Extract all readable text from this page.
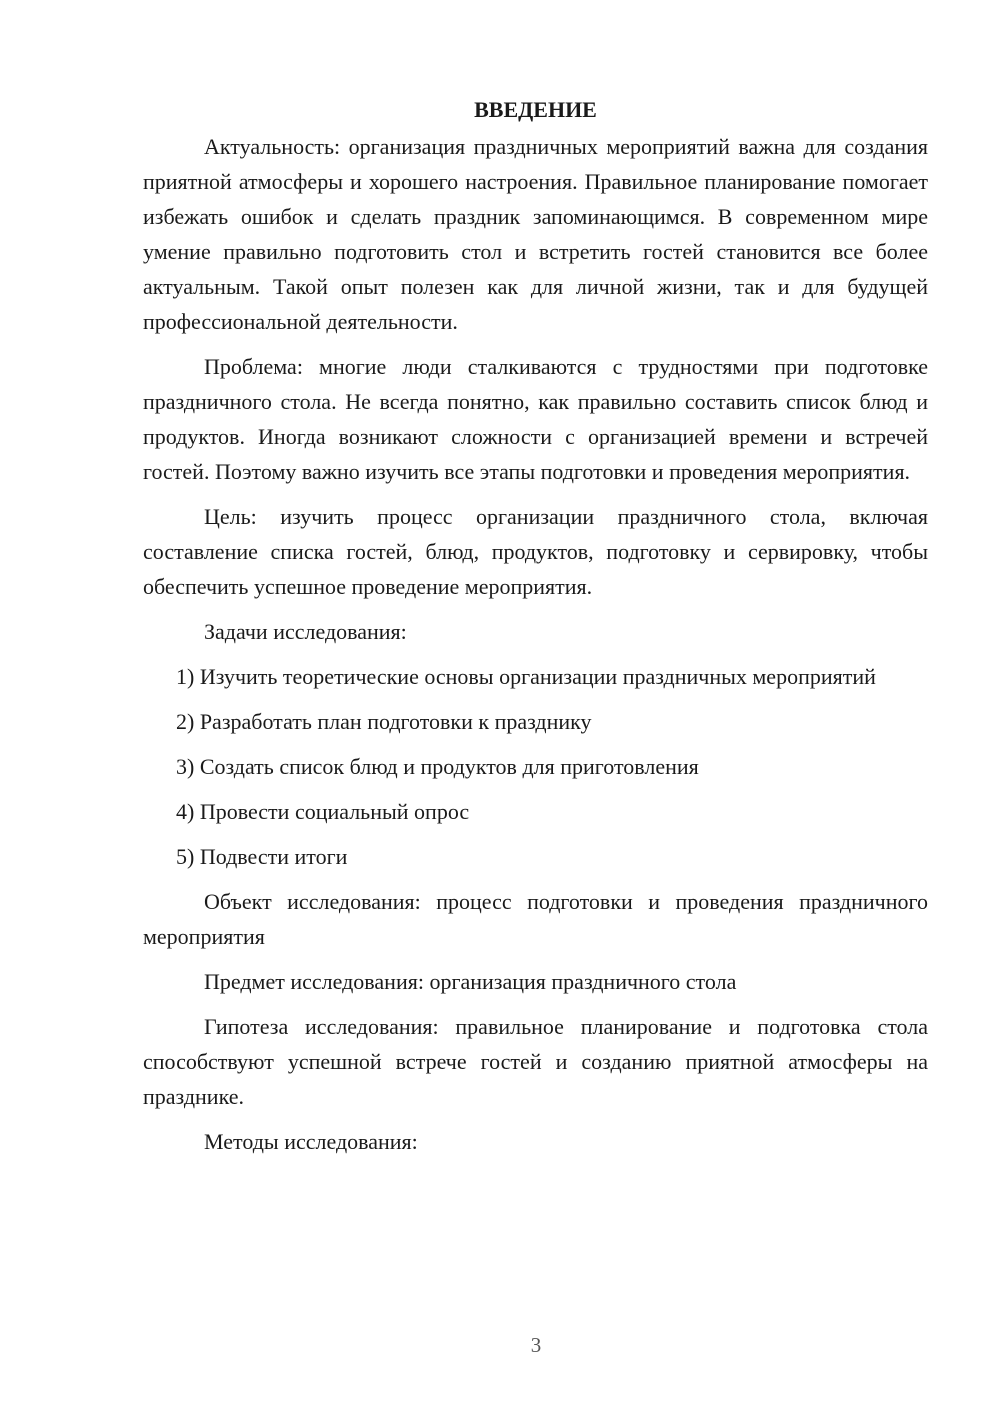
ВВЕДЕНИЕ

Актуальность: организация праздничных мероприятий важна для создания приятной атмосферы и хорошего настроения. Правильное планирование помогает избежать ошибок и сделать праздник запоминающимся. В современном мире умение правильно подготовить стол и встретить гостей становится все более актуальным. Такой опыт полезен как для личной жизни, так и для будущей профессиональной деятельности.

Проблема: многие люди сталкиваются с трудностями при подготовке праздничного стола. Не всегда понятно, как правильно составить список блюд и продуктов. Иногда возникают сложности с организацией времени и встречей гостей. Поэтому важно изучить все этапы подготовки и проведения мероприятия.

Цель: изучить процесс организации праздничного стола, включая составление списка гостей, блюд, продуктов, подготовку и сервировку, чтобы обеспечить успешное проведение мероприятия.

Задачи исследования:

1) Изучить теоретические основы организации праздничных мероприятий

2) Разработать план подготовки к празднику

3) Создать список блюд и продуктов для приготовления

4) Провести социальный опрос

5) Подвести итоги

Объект исследования: процесс подготовки и проведения праздничного мероприятия

Предмет исследования: организация праздничного стола

Гипотеза исследования: правильное планирование и подготовка стола способствуют успешной встрече гостей и созданию приятной атмосферы на празднике.

Методы исследования:

3
